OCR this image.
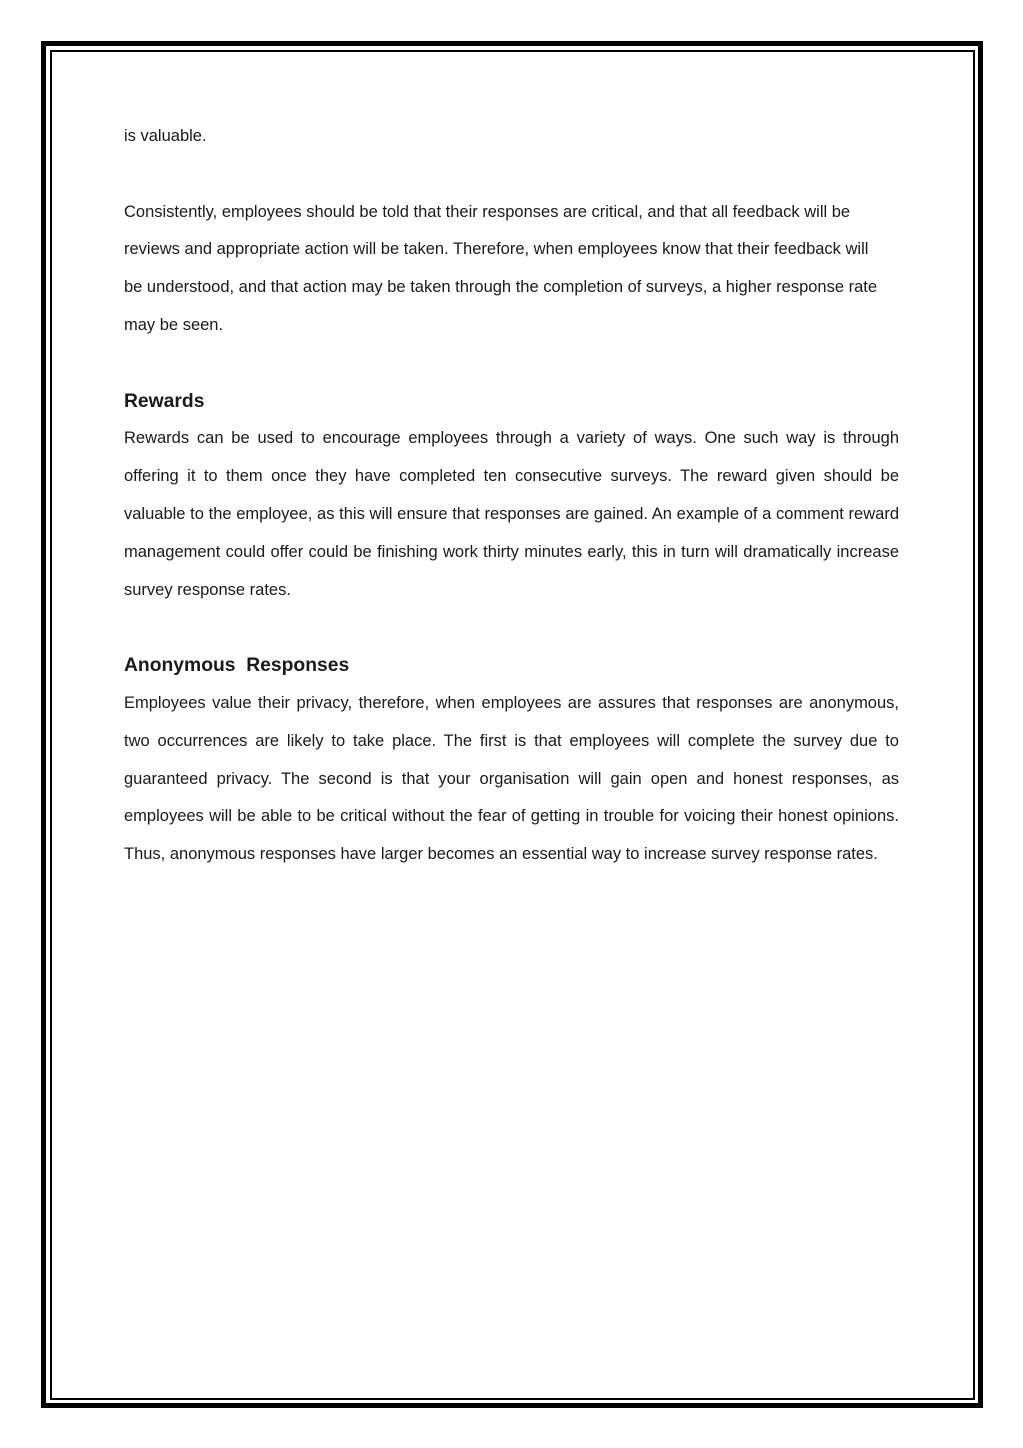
is valuable.

Consistently, employees should be told that their responses are critical, and that all feedback will be reviews and appropriate action will be taken. Therefore, when employees know that their feedback will be understood, and that action may be taken through the completion of surveys, a higher response rate may be seen.

Rewards

Rewards can be used to encourage employees through a variety of ways. One such way is through offering it to them once they have completed ten consecutive surveys. The reward given should be valuable to the employee, as this will ensure that responses are gained. An example of a comment reward management could offer could be finishing work thirty minutes early, this in turn will dramatically increase survey response rates.

Anonymous  Responses

Employees value their privacy, therefore, when employees are assures that responses are anonymous, two occurrences are likely to take place. The first is that employees will complete the survey due to guaranteed privacy. The second is that your organisation will gain open and honest responses, as employees will be able to be critical without the fear of getting in trouble for voicing their honest opinions. Thus, anonymous responses have larger becomes an essential way to increase survey response rates.
